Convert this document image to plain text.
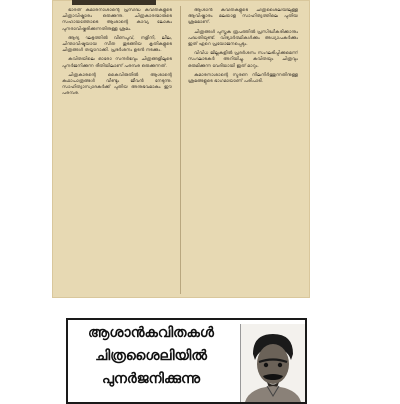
ഭാരത് കുമാരനാശാന്റെ പ്രസിദ്ധ കവിതകളുടെ ചിത്രാവിഷ്കാരം ഒരുക്കുന്നു. ചിത്രകാരന്മാരുടെ സഹായത്തോടെ ആശാന്റെ കാവ്യ ലോകം പുനരാവിഷ്കരിക്കുന്നതിനുള്ള ശ്രമം.

ആദ്യ ഘട്ടത്തിൽ വീണപൂവ്, നളിനി, ലീല, ചിന്താവിഷ്ടയായ സീത തുടങ്ങിയ കൃതികളുടെ ചിത്രങ്ങൾ തയ്യാറാക്കി. പ്രദർശനം ഉടൻ നടക്കും.

കവിതയിലെ ഓരോ സന്ദർഭവും ചിത്രങ്ങളിലൂടെ പുനർജനിക്കുന്ന രീതിയിലാണ് പരമ്പര ഒരുക്കുന്നത്.

ചിത്രകാരന്റെ കൈവിരുതിൽ ആശാന്റെ കഥാപാത്രങ്ങൾ വീണ്ടും ജീവൻ നേടുന്നു. സാഹിത്യാസ്വാദകർക്ക് പുതിയ അനുഭവമാകും ഈ പരമ്പര.

ആശാൻ കവിതകളുടെ ചിത്രശൈലിയിലുള്ള ആവിഷ്കാരം മലയാള സാഹിത്യത്തിലെ പുതിയ ശ്രമമാണ്.

ചിത്രങ്ങൾ പുസ്തക രൂപത്തിൽ പ്രസിദ്ധീകരിക്കാനും പദ്ധതിയുണ്ട്. വിദ്യാർത്ഥികൾക്കും അധ്യാപകർക്കും ഇത് ഏറെ പ്രയോജനപ്പെടും.

വിവിധ ജില്ലകളിൽ പ്രദർശനം സംഘടിപ്പിക്കുമെന്ന് സംഘാടകർ അറിയിച്ചു. കവിതയും ചിത്രവും ഒരുമിക്കുന്ന വേദിയായി ഇത് മാറും.

കുമാരനാശാന്റെ സ്മരണ നിലനിർത്തുന്നതിനുള്ള ശ്രമങ്ങളുടെ ഭാഗമായാണ് പരിപാടി.

ആശാൻകവിതകൾ
ചിത്രശൈലിയിൽ
പുനർജനിക്കുന്നു
